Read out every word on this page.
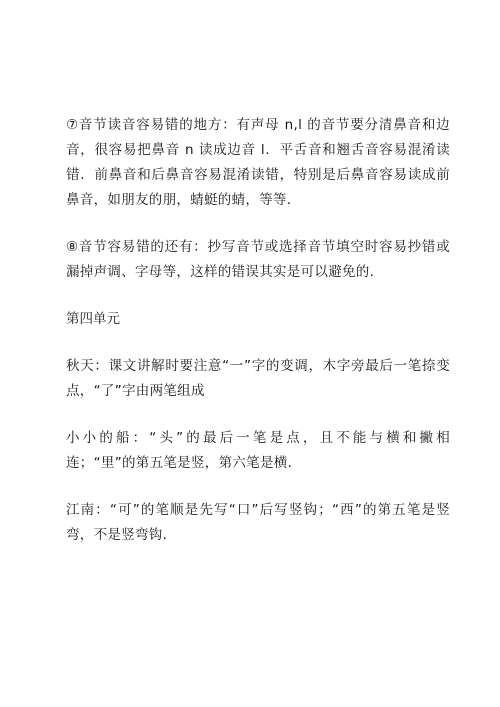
⑦音节读音容易错的地方：有声母 n,l 的音节要分清鼻音和边音，很容易把鼻音 n 读成边音 l．平舌音和翘舌音容易混淆读错．前鼻音和后鼻音容易混淆读错，特别是后鼻音容易读成前鼻音，如朋友的朋，蜻蜓的蜻，等等．

⑧音节容易错的还有：抄写音节或选择音节填空时容易抄错或漏掉声调、字母等，这样的错误其实是可以避免的．

第四单元

秋天：课文讲解时要注意“一”字的变调，木字旁最后一笔捺变点，“了”字由两笔组成

小小的船：“头”的最后一笔是点，且不能与横和撇相连；“里”的第五笔是竖，第六笔是横．

江南：“可”的笔顺是先写“口”后写竖钩；“西”的第五笔是竖弯，不是竖弯钩．
